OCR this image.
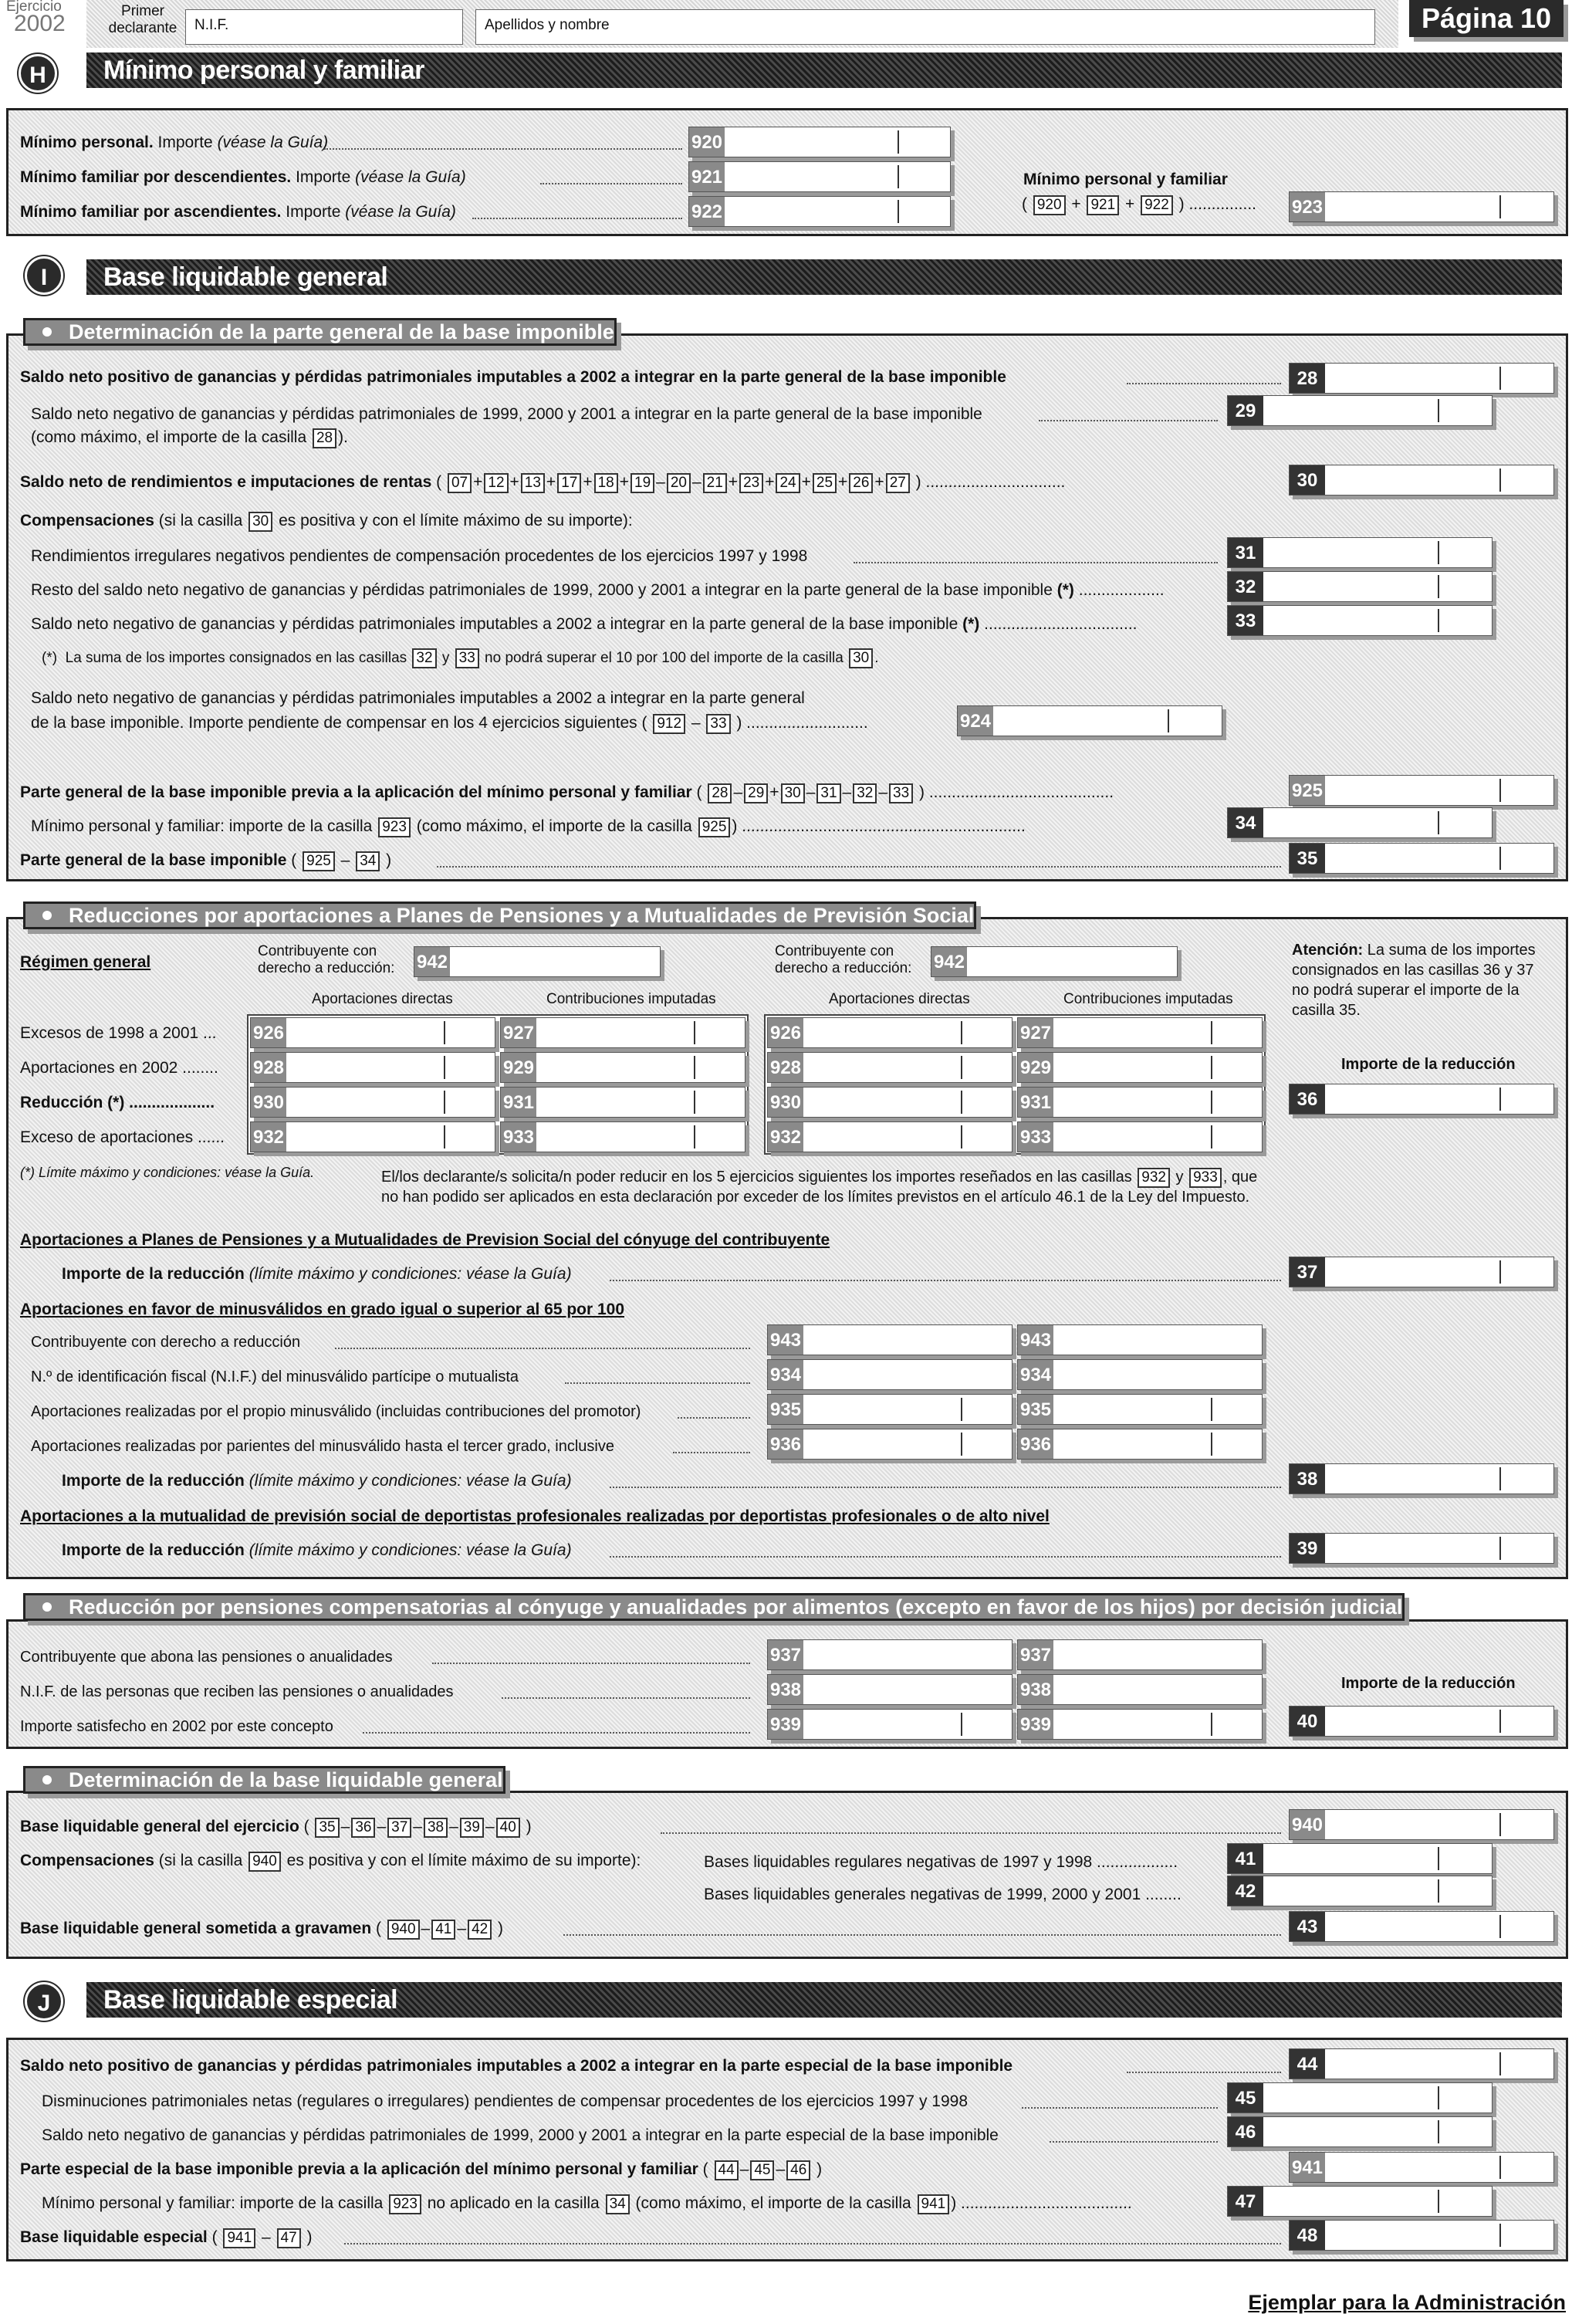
Ejercicio
2002	Primer declarante	N.I.F.	Apellidos y nombre	Página 10
H	Mínimo personal y familiar
Mínimo personal. Importe (véase la Guía)	920
Mínimo familiar por descendientes. Importe (véase la Guía)	921
Mínimo familiar por ascendientes. Importe (véase la Guía)	922
Mínimo personal y familiar
( 920 + 921 + 922 ) ............... 923
I	Base liquidable general
Determinación de la parte general de la base imponible
Saldo neto positivo de ganancias y pérdidas patrimoniales imputables a 2002 a integrar en la parte general de la base imponible	28
Saldo neto negativo de ganancias y pérdidas patrimoniales de 1999, 2000 y 2001 a integrar en la parte general de la base imponible
(como máximo, el importe de la casilla 28 ).
29
Saldo neto de rendimientos e imputaciones de rentas ( 07 + 12 + 13 + 17 + 18 + 19 – 20 – 21 + 23 + 24 + 25 + 26 + 27 ) ...............................	30
Compensaciones (si la casilla 30 es positiva y con el límite máximo de su importe):
Rendimientos irregulares negativos pendientes de compensación procedentes de los ejercicios 1997 y 1998	31
Resto del saldo neto negativo de ganancias y pérdidas patrimoniales de 1999, 2000 y 2001 a integrar en la parte general de la base imponible (*) ...................	32
Saldo neto negativo de ganancias y pérdidas patrimoniales imputables a 2002 a integrar en la parte general de la base imponible (*) ..................................	33
(*) La suma de los importes consignados en las casillas 32 y 33 no podrá superar el 10 por 100 del importe de la casilla 30 .
Saldo neto negativo de ganancias y pérdidas patrimoniales imputables a 2002 a integrar en la parte general
de la base imponible. Importe pendiente de compensar en los 4 ejercicios siguientes ( 912 – 33 ) ...........................	924
Parte general de la base imponible previa a la aplicación del mínimo personal y familiar ( 28 – 29 + 30 – 31 – 32 – 33 ) .........................................	925
Mínimo personal y familiar: importe de la casilla 923 (como máximo, el importe de la casilla 925 ) ...............................................................	34
Parte general de la base imponible ( 925 – 34 )	35
Reducciones por aportaciones a Planes de Pensiones y a Mutualidades de Previsión Social
Régimen general
Contribuyente con
derecho a reducción: 942
Contribuyente con
derecho a reducción: 942
Aportaciones directas	Contribuciones imputadas	Aportaciones directas	Contribuciones imputadas
Excesos de 1998 a 2001 ... 926	927	926	927
Aportaciones en 2002 ........ 928	929	928	929
Reducción (*) ................... 930	931	930	931
Exceso de aportaciones ...... 932	933	932	933
Atención: La suma de los importes
consignados en las casillas 36 y 37
no podrá superar el importe de la
casilla 35.
Importe de la reducción
36
(*) Límite máximo y condiciones: véase la Guía.	El/los declarante/s solicita/n poder reducir en los 5 ejercicios siguientes los importes reseñados en las casillas 932 y 933 , que
no han podido ser aplicados en esta declaración por exceder de los límites previstos en el artículo 46.1 de la Ley del Impuesto.
Aportaciones a Planes de Pensiones y a Mutualidades de Prevision Social del cónyuge del contribuyente
Importe de la reducción (límite máximo y condiciones: véase la Guía)	37
Aportaciones en favor de minusválidos en grado igual o superior al 65 por 100
Contribuyente con derecho a reducción	943	943
N.º de identificación fiscal (N.I.F.) del minusválido partícipe o mutualista	934	934
Aportaciones realizadas por el propio minusválido (incluidas contribuciones del promotor)	935	935
Aportaciones realizadas por parientes del minusválido hasta el tercer grado, inclusive	936	936
Importe de la reducción (límite máximo y condiciones: véase la Guía)	38
Aportaciones a la mutualidad de previsión social de deportistas profesionales realizadas por deportistas profesionales o de alto nivel
Importe de la reducción (límite máximo y condiciones: véase la Guía)	39
Reducción por pensiones compensatorias al cónyuge y anualidades por alimentos (excepto en favor de los hijos) por decisión judicial
Contribuyente que abona las pensiones o anualidades	937	937
N.I.F. de las personas que reciben las pensiones o anualidades	938	938
Importe satisfecho en 2002 por este concepto	939	939
Importe de la reducción
40
Determinación de la base liquidable general
Base liquidable general del ejercicio ( 35 – 36 – 37 – 38 – 39 – 40 )	940
Compensaciones (si la casilla 940 es positiva y con el límite máximo de su importe):	Bases liquidables regulares negativas de 1997 y 1998 ..................	41
Bases liquidables generales negativas de 1999, 2000 y 2001 ........	42
Base liquidable general sometida a gravamen ( 940 – 41 – 42 )	43
J	Base liquidable especial
Saldo neto positivo de ganancias y pérdidas patrimoniales imputables a 2002 a integrar en la parte especial de la base imponible	44
Disminuciones patrimoniales netas (regulares o irregulares) pendientes de compensar procedentes de los ejercicios 1997 y 1998	45
Saldo neto negativo de ganancias y pérdidas patrimoniales de 1999, 2000 y 2001 a integrar en la parte especial de la base imponible	46
Parte especial de la base imponible previa a la aplicación del mínimo personal y familiar ( 44 – 45 – 46 )	941
Mínimo personal y familiar: importe de la casilla 923 no aplicado en la casilla 34 (como máximo, el importe de la casilla 941 ) ......................................	47
Base liquidable especial ( 941 – 47 )	48
Ejemplar para la Administración
